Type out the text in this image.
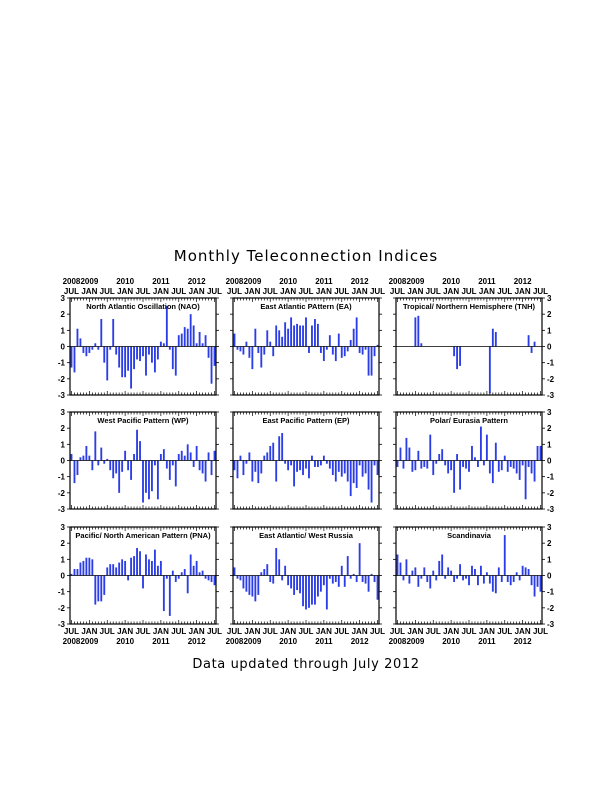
Monthly Teleconnection Indices
3
2
1
0
-1
-2
-3
North Atlantic Oscillation (NAO)
2008 2009 2010 2011 2012
JUL JAN JUL JAN JUL JAN JUL JAN JUL
East Atlantic PAttern (EA)
2008 2009 2010 2011 2012
JUL JAN JUL JAN JUL JAN JUL JAN JUL
3
2
1
0
-1
-2
-3
Tropical/ Northern Hemisphere (TNH)
2008 2009 2010 2011 2012
JUL JAN JUL JAN JUL JAN JUL JAN JUL
3
2
1
0
-1
-2
-3
West Pacific Pattern (WP)	East Pacific Pattern (EP)
3
2
1
0
-1
-2
-3
Polar/ Eurasia Pattern
3
2
1
0
-1
-2
-3
Pacific/ North American Pattern (PNA)
JUL JAN JUL JAN JUL JAN JUL JAN JUL
2008 2009 2010 2011 2012
East Atlantic/ West Russia
JUL JAN JUL JAN JUL JAN JUL JAN JUL
2008 2009 2010 2011 2012
3
2
1
0
-1
-2
-3
Scandinavia
JUL JAN JUL JAN JUL JAN JUL JAN JUL
2008 2009 2010 2011 2012
Data updated through July 2012
